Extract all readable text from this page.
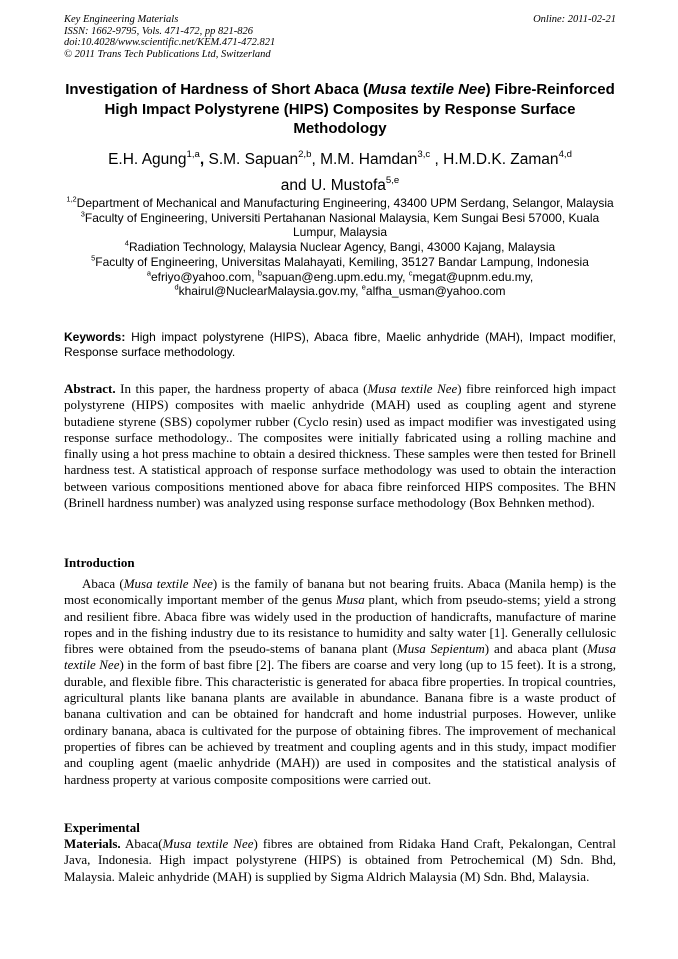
Key Engineering Materials
ISSN: 1662-9795, Vols. 471-472, pp 821-826
doi:10.4028/www.scientific.net/KEM.471-472.821
© 2011 Trans Tech Publications Ltd, Switzerland
Online: 2011-02-21
Investigation of Hardness of Short Abaca (Musa textile Nee) Fibre-Reinforced High Impact Polystyrene (HIPS) Composites by Response Surface Methodology
E.H. Agung$^{1,a}$, S.M. Sapuan$^{2,b}$, M.M. Hamdan$^{3,c}$ , H.M.D.K. Zaman$^{4,d}$
and U. Mustofa$^{5,e}$
$^{1,2}$Department of Mechanical and Manufacturing Engineering, 43400 UPM Serdang, Selangor, Malaysia
$^3$Faculty of Engineering, Universiti Pertahanan Nasional Malaysia, Kem Sungai Besi 57000, Kuala Lumpur, Malaysia
$^4$Radiation Technology, Malaysia Nuclear Agency, Bangi, 43000 Kajang, Malaysia
$^5$Faculty of Engineering, Universitas Malahayati, Kemiling, 35127 Bandar Lampung, Indonesia
$^a$efriyo@yahoo.com, $^b$sapuan@eng.upm.edu.my, $^c$megat@upnm.edu.my,
$^d$khairul@NuclearMalaysia.gov.my, $^e$alfha_usman@yahoo.com
Keywords: High impact polystyrene (HIPS), Abaca fibre, Maelic anhydride (MAH), Impact modifier, Response surface methodology.
Abstract. In this paper, the hardness property of abaca (Musa textile Nee) fibre reinforced high impact polystyrene (HIPS) composites with maelic anhydride (MAH) used as coupling agent and styrene butadiene styrene (SBS) copolymer rubber (Cyclo resin) used as impact modifier was investigated using response surface methodology.. The composites were initially fabricated using a rolling machine and finally using a hot press machine to obtain a desired thickness. These samples were then tested for Brinell hardness test. A statistical approach of response surface methodology was used to obtain the interaction between various compositions mentioned above for abaca fibre reinforced HIPS composites. The BHN (Brinell hardness number) was analyzed using response surface methodology (Box Behnken method).
Introduction

Abaca (Musa textile Nee) is the family of banana but not bearing fruits. Abaca (Manila hemp) is the most economically important member of the genus Musa plant, which from pseudo-stems; yield a strong and resilient fibre. Abaca fibre was widely used in the production of handicrafts, manufacture of marine ropes and in the fishing industry due to its resistance to humidity and salty water [1]. Generally cellulosic fibres were obtained from the pseudo-stems of banana plant (Musa Sepientum) and abaca plant (Musa textile Nee) in the form of bast fibre [2]. The fibers are coarse and very long (up to 15 feet). It is a strong, durable, and flexible fibre. This characteristic is generated for abaca fibre properties. In tropical countries, agricultural plants like banana plants are available in abundance. Banana fibre is a waste product of banana cultivation and can be obtained for handcraft and home industrial purposes. However, unlike ordinary banana, abaca is cultivated for the purpose of obtaining fibres. The improvement of mechanical properties of fibres can be achieved by treatment and coupling agents and in this study, impact modifier and coupling agent (maelic anhydride (MAH)) are used in composites and the statistical analysis of hardness property at various composite compositions were carried out.

Experimental

Materials. Abaca(Musa textile Nee) fibres are obtained from Ridaka Hand Craft, Pekalongan, Central Java, Indonesia. High impact polystyrene (HIPS) is obtained from Petrochemical (M) Sdn. Bhd, Malaysia. Maleic anhydride (MAH) is supplied by Sigma Aldrich Malaysia (M) Sdn. Bhd, Malaysia.
